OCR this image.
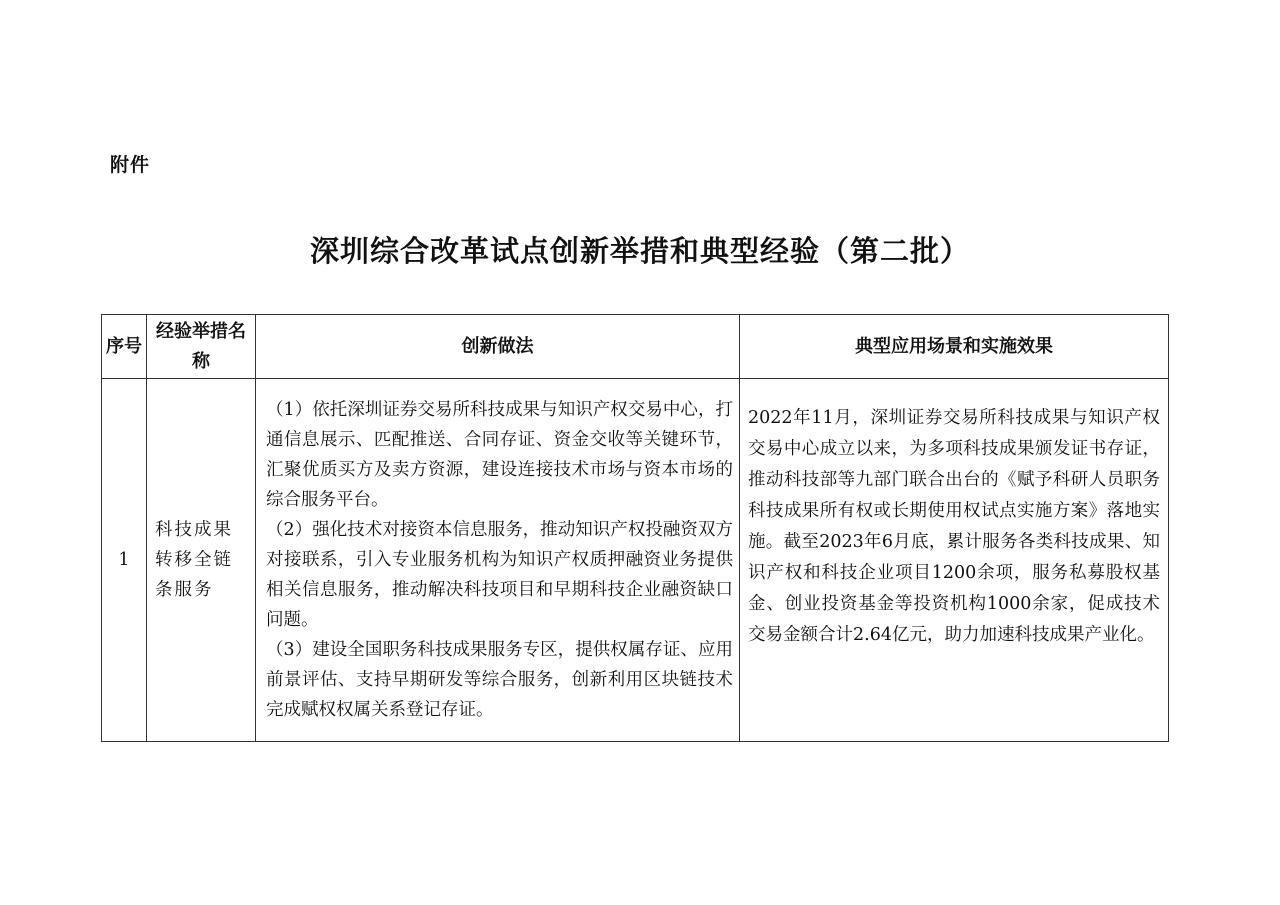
附件
深圳综合改革试点创新举措和典型经验（第二批）
序号	经验举措名称	创新做法	典型应用场景和实施效果
1	科技成果转移全链条服务	（1）依托深圳证券交易所科技成果与知识产权交易中心，打通信息展示、匹配推送、合同存证、资金交收等关键环节，汇聚优质买方及卖方资源，建设连接技术市场与资本市场的综合服务平台。

（2）强化技术对接资本信息服务，推动知识产权投融资双方对接联系，引入专业服务机构为知识产权质押融资业务提供相关信息服务，推动解决科技项目和早期科技企业融资缺口问题。

（3）建设全国职务科技成果服务专区，提供权属存证、应用前景评估、支持早期研发等综合服务，创新利用区块链技术完成赋权权属关系登记存证。	2022年11月，深圳证券交易所科技成果与知识产权交易中心成立以来，为多项科技成果颁发证书存证，推动科技部等九部门联合出台的《赋予科研人员职务科技成果所有权或长期使用权试点实施方案》落地实施。截至2023年6月底，累计服务各类科技成果、知识产权和科技企业项目1200余项，服务私募股权基金、创业投资基金等投资机构1000余家，促成技术交易金额合计2.64亿元，助力加速科技成果产业化。
